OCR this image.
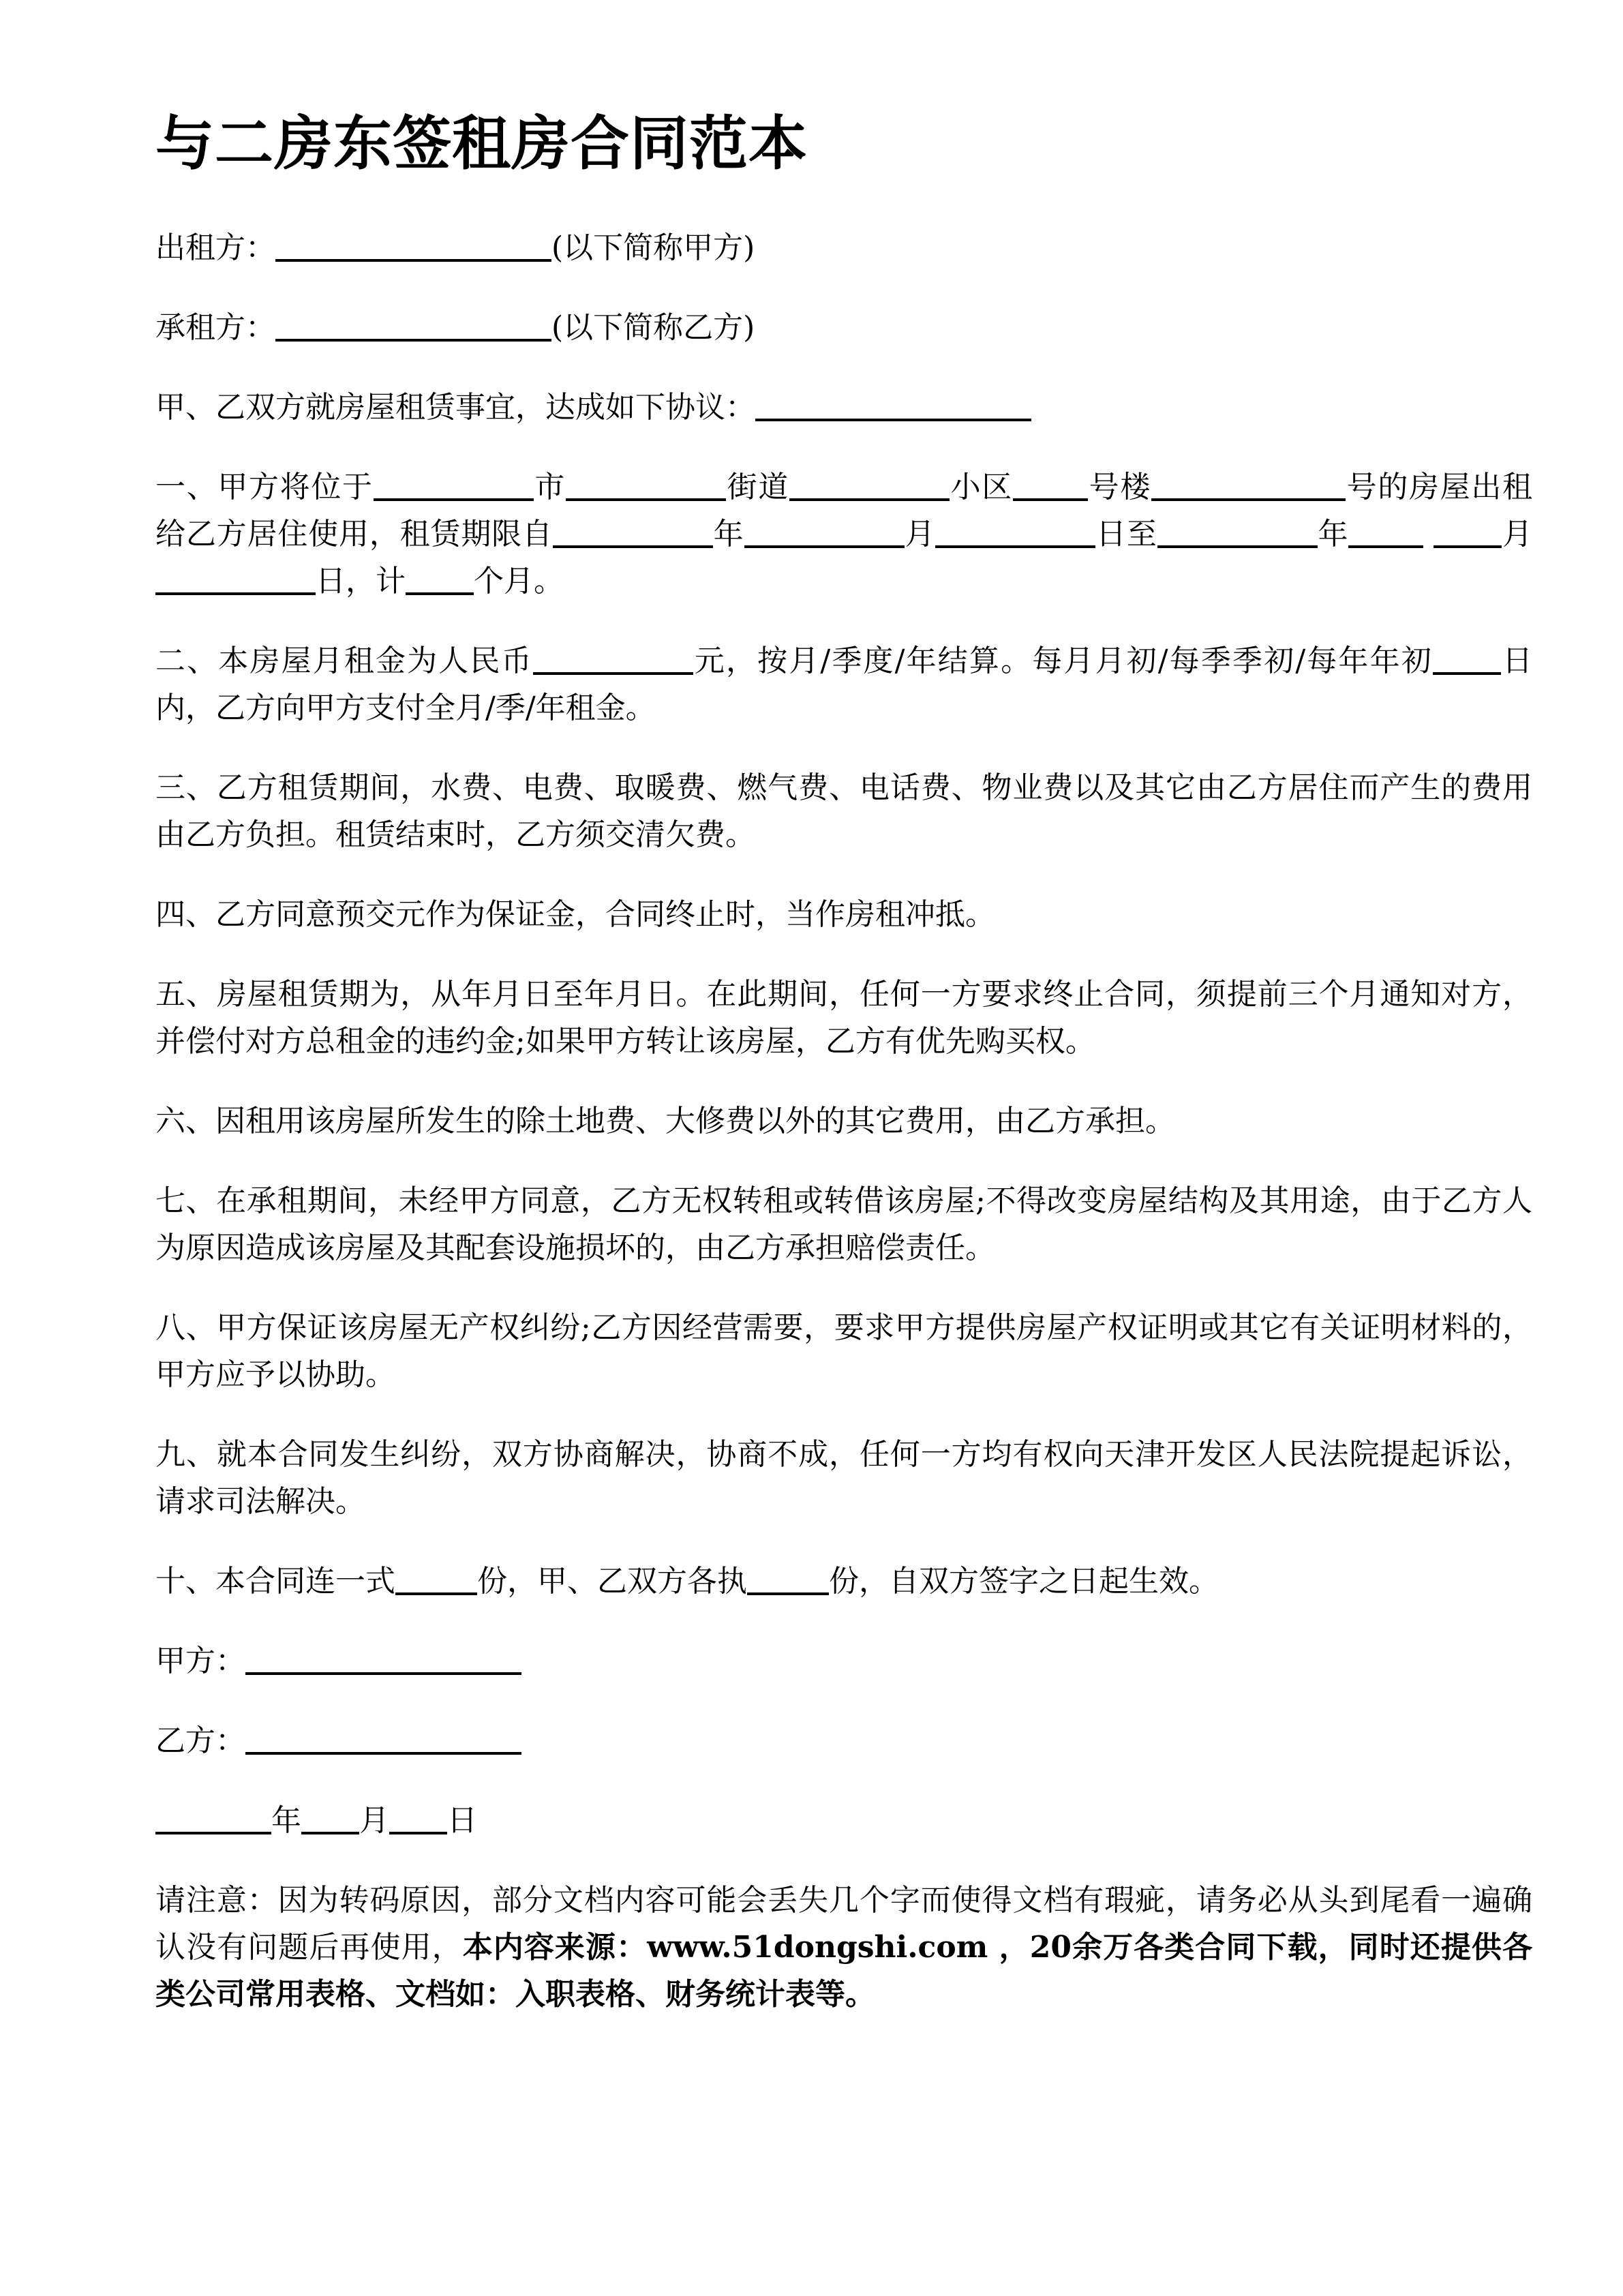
与二房东签租房合同范本

出租方：	(以下简称甲方)

承租方：	(以下简称乙方)

甲、乙双方就房屋租赁事宜，达成如下协议：

一、甲方将位于	市	街道	小区	号楼	号的房屋出租给乙方居住使用，租赁期限自	年	月	日至	年	月日，计 个月。

二、本房屋月租金为人民币	元，按月/季度/年结算。每月月初/每季季初/每年年初 日内，乙方向甲方支付全月/季/年租金。

三、乙方租赁期间，水费、电费、取暖费、燃气费、电话费、物业费以及其它由乙方居住而产生的费用由乙方负担。租赁结束时，乙方须交清欠费。

四、乙方同意预交元作为保证金，合同终止时，当作房租冲抵。

五、房屋租赁期为，从年月日至年月日。在此期间，任何一方要求终止合同，须提前三个月通知对方，并偿付对方总租金的违约金;如果甲方转让该房屋，乙方有优先购买权。

六、因租用该房屋所发生的除土地费、大修费以外的其它费用，由乙方承担。

七、在承租期间，未经甲方同意，乙方无权转租或转借该房屋;不得改变房屋结构及其用途，由于乙方人为原因造成该房屋及其配套设施损坏的，由乙方承担赔偿责任。

八、甲方保证该房屋无产权纠纷;乙方因经营需要，要求甲方提供房屋产权证明或其它有关证明材料的，甲方应予以协助。

九、就本合同发生纠纷，双方协商解决，协商不成，任何一方均有权向天津开发区人民法院提起诉讼，请求司法解决。

十、本合同连一式	份，甲、乙双方各执	份，自双方签字之日起生效。

甲方：

乙方：

年 月 日

请注意：因为转码原因，部分文档内容可能会丢失几个字而使得文档有瑕疵，请务必从头到尾看一遍确认没有问题后再使用，本内容来源：www.51dongshi.com ，20余万各类合同下载，同时还提供各类公司常用表格、文档如：入职表格、财务统计表等。
